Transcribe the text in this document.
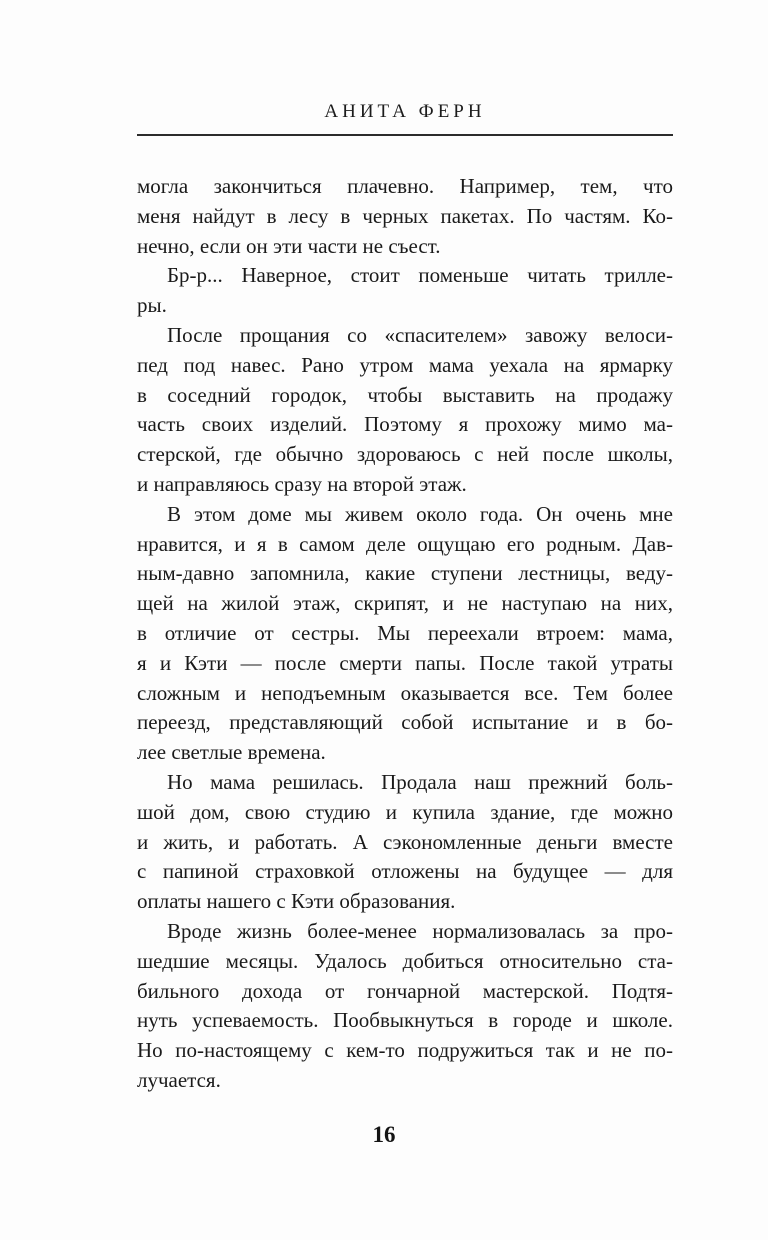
АНИТА ФЕРН
могла закончиться плачевно. Например, тем, что
меня найдут в лесу в черных пакетах. По частям. Ко-
нечно, если он эти части не съест.
Бр-р... Наверное, стоит поменьше читать трилле-
ры.
После прощания со «спасителем» завожу велоси-
пед под навес. Рано утром мама уехала на ярмарку
в соседний городок, чтобы выставить на продажу
часть своих изделий. Поэтому я прохожу мимо ма-
стерской, где обычно здороваюсь с ней после школы,
и направляюсь сразу на второй этаж.
В этом доме мы живем около года. Он очень мне
нравится, и я в самом деле ощущаю его родным. Дав-
ным-давно запомнила, какие ступени лестницы, веду-
щей на жилой этаж, скрипят, и не наступаю на них,
в отличие от сестры. Мы переехали втроем: мама,
я и Кэти — после смерти папы. После такой утраты
сложным и неподъемным оказывается все. Тем более
переезд, представляющий собой испытание и в бо-
лее светлые времена.
Но мама решилась. Продала наш прежний боль-
шой дом, свою студию и купила здание, где можно
и жить, и работать. А сэкономленные деньги вместе
с папиной страховкой отложены на будущее — для
оплаты нашего с Кэти образования.
Вроде жизнь более-менее нормализовалась за про-
шедшие месяцы. Удалось добиться относительно ста-
бильного дохода от гончарной мастерской. Подтя-
нуть успеваемость. Пообвыкнуться в городе и школе.
Но по-настоящему с кем-то подружиться так и не по-
лучается.
16
